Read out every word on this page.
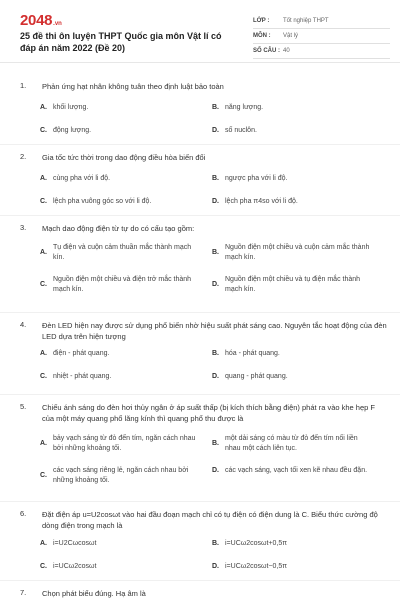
2048 .vn
25 đề thi ôn luyện THPT Quốc gia môn Vật lí có đáp án năm 2022 (Đề 20)
LỚP :	Tốt nghiệp THPT
MÔN :	Vật lý
SỐ CÂU : 40
1. Phản ứng hạt nhân không tuân theo định luật bảo toàn
A. khối lượng.	B. năng lượng.
C. động lượng.	D. số nuclôn.
2. Gia tốc tức thời trong dao động điều hòa biến đổi
A. cùng pha với li độ.	B. ngược pha với li độ.
C. lệch pha vuông góc so với li độ.	D. lệch pha π4so với li độ.
3. Mạch dao động điện từ tự do có cấu tạo gồm:
A.
Tụ điện và cuộn cảm thuần mắc thành mạch kín.
B.
Nguồn điện một chiều và cuộn cảm mắc thành mạch kín.
C.
Nguồn điện một chiều và điện trở mắc thành mạch kín.
D.
Nguồn điện một chiều và tụ điện mắc thành mạch kín.
4. Đèn LED hiện nay được sử dụng phổ biến nhờ hiệu suất phát sáng cao. Nguyên tắc hoạt động của đèn LED dựa trên hiện tượng
A. điện - phát quang.	B. hóa - phát quang.
C. nhiệt - phát quang.	D. quang - phát quang.
5. Chiếu ánh sáng do đèn hơi thủy ngân ở áp suất thấp (bị kích thích bằng điện) phát ra vào khe hẹp F của một máy quang phổ lăng kính thì quang phổ thu được là
A.
bảy vạch sáng từ đỏ đến tím, ngăn cách nhau bởi những khoảng tối.
B.
một dải sáng có màu từ đỏ đến tím nối liền nhau một cách liên tục.
C.
các vạch sáng riêng lẻ, ngăn cách nhau bởi những khoảng tối.
D. các vạch sáng, vạch tối xen kẽ nhau đều đặn.
6. Đặt điện áp u=U2cosωt vào hai đầu đoạn mạch chỉ có tụ điện có điện dung là C. Biểu thức cường độ dòng điện trong mạch là
A. i=U2Cωcosωt	B. i=UCω2cosωt+0,5π
C. i=UCω2cosωt	D. i=UCω2cosωt−0,5π
7. Chọn phát biểu đúng. Hạ âm là
